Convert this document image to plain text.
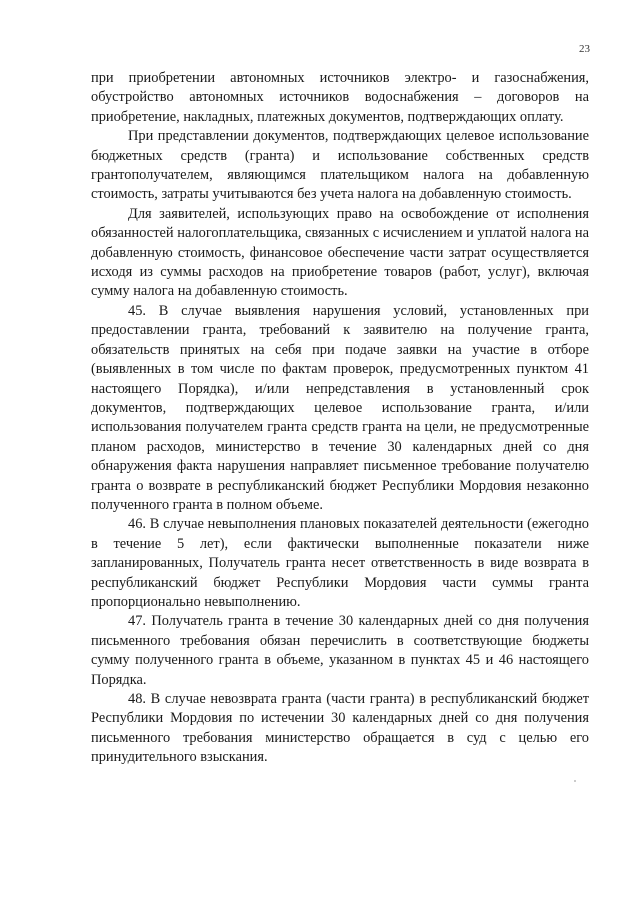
23

при приобретении автономных источников электро- и газоснабжения, обустройство автономных источников водоснабжения – договоров на приобретение, накладных, платежных документов, подтверждающих оплату.

При представлении документов, подтверждающих целевое использование бюджетных средств (гранта) и использование собственных средств грантополучателем, являющимся плательщиком налога на добавленную стоимость, затраты учитываются без учета налога на добавленную стоимость.

Для заявителей, использующих право на освобождение от исполнения обязанностей налогоплательщика, связанных с исчислением и уплатой налога на добавленную стоимость, финансовое обеспечение части затрат осуществляется исходя из суммы расходов на приобретение товаров (работ, услуг), включая сумму налога на добавленную стоимость.

45. В случае выявления нарушения условий, установленных при предоставлении гранта, требований к заявителю на получение гранта, обязательств принятых на себя при подаче заявки на участие в отборе (выявленных в том числе по фактам проверок, предусмотренных пунктом 41 настоящего Порядка), и/или непредставления в установленный срок документов, подтверждающих целевое использование гранта, и/или использования получателем гранта средств гранта на цели, не предусмотренные планом расходов, министерство в течение 30 календарных дней со дня обнаружения факта нарушения направляет письменное требование получателю гранта о возврате в республиканский бюджет Республики Мордовия незаконно полученного гранта в полном объеме.

46. В случае невыполнения плановых показателей деятельности (ежегодно в течение 5 лет), если фактически выполненные показатели ниже запланированных, Получатель гранта несет ответственность в виде возврата в республиканский бюджет Республики Мордовия части суммы гранта пропорционально невыполнению.

47. Получатель гранта в течение 30 календарных дней со дня получения письменного требования обязан перечислить в соответствующие бюджеты сумму полученного гранта в объеме, указанном в пунктах 45 и 46 настоящего Порядка.

48. В случае невозврата гранта (части гранта) в республиканский бюджет Республики Мордовия по истечении 30 календарных дней со дня получения письменного требования министерство обращается в суд с целью его принудительного взыскания.
